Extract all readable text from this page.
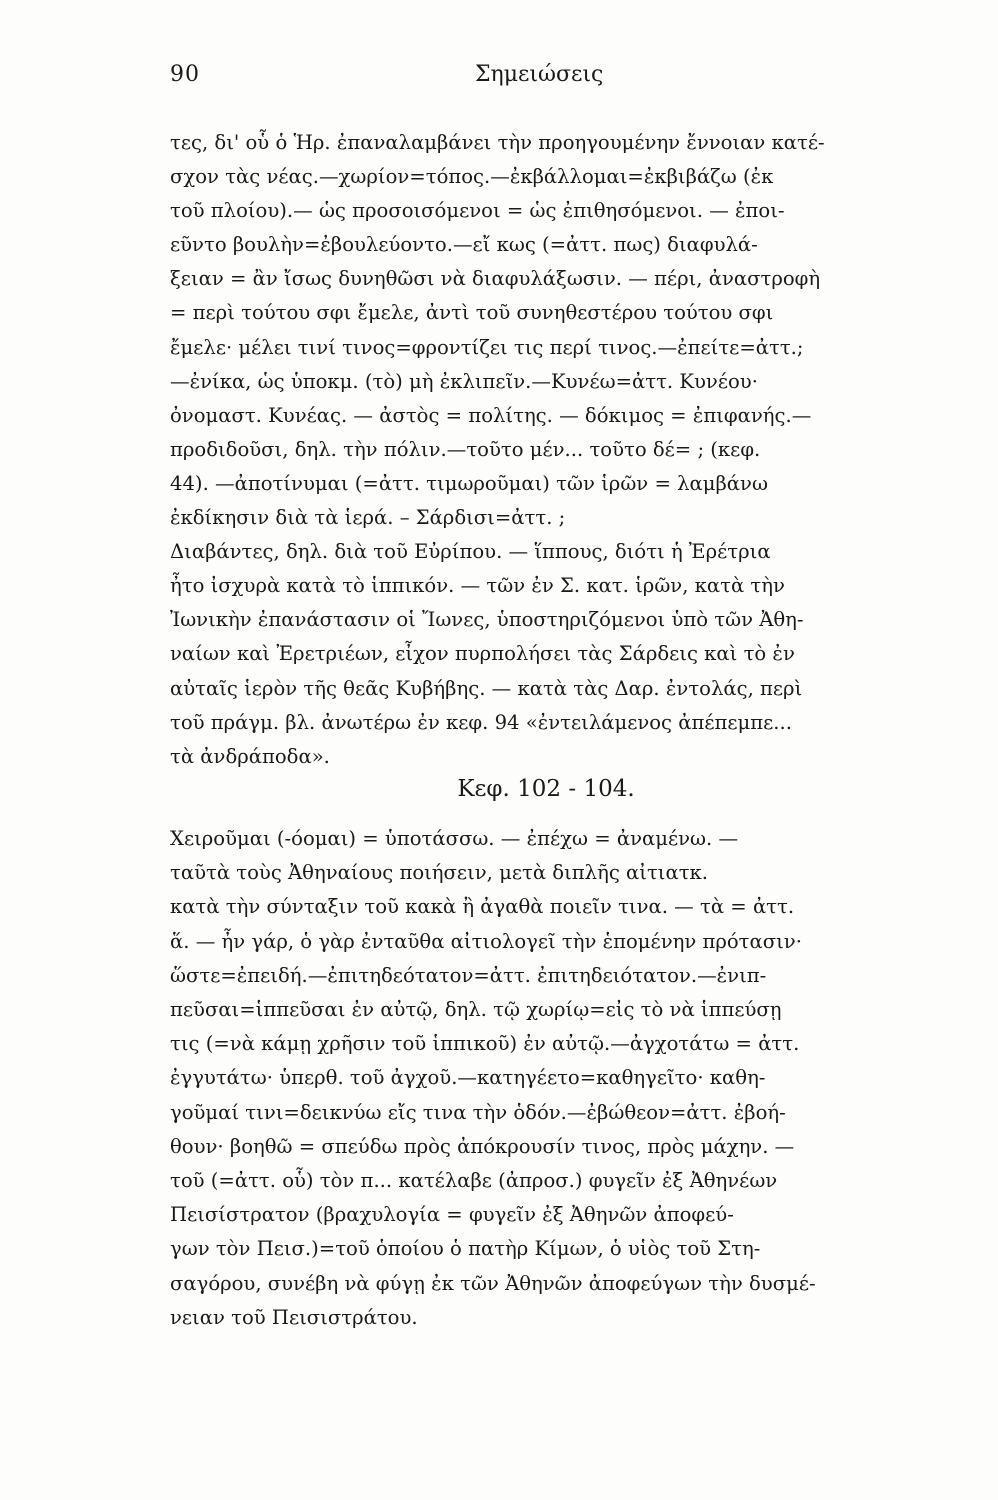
90	Σημειώσεις
τες, δι' οὗ ὁ Ἡρ. ἐπαναλαμβάνει τὴν προηγουμένην ἔννοιαν κατέ-
σχον τὰς νέας.—χωρίον=τόπος.—ἐκβάλλομαι=ἐκβιβάζω (ἐκ
τοῦ πλοίου).— ὡς προσοισόμενοι = ὡς ἐπιθησόμενοι. — ἐποι-
εῦντο βουλὴν=ἐβουλεύοντο.—εἴ κως (=ἀττ. πως) διαφυλά-
ξειαν = ἂν ἴσως δυνηθῶσι νὰ διαφυλάξωσιν. — πέρι, ἀναστροφὴ
= περὶ τούτου σφι ἔμελε, ἀντὶ τοῦ συνηθεστέρου τούτου σφι
ἔμελε· μέλει τινί τινος=φροντίζει τις περί τινος.—ἐπείτε=ἀττ.;
—ἐνίκα, ὡς ὑποκμ. (τὸ) μὴ ἐκλιπεῖν.—Κυνέω=ἀττ. Κυνέου·
ὀνομαστ. Κυνέας. — ἀστὸς = πολίτης. — δόκιμος = ἐπιφανής.—
προδιδοῦσι, δηλ. τὴν πόλιν.—τοῦτο μέν... τοῦτο δέ= ; (κεφ.
44). —ἀποτίνυμαι (=ἀττ. τιμωροῦμαι) τῶν ἱρῶν = λαμβάνω
ἐκδίκησιν διὰ τὰ ἱερά. – Σάρδισι=ἀττ. ;
Διαβάντες, δηλ. διὰ τοῦ Εὐρίπου. — ἵππους, διότι ἡ Ἐρέτρια
ἦτο ἰσχυρὰ κατὰ τὸ ἱππικόν. — τῶν ἐν Σ. κατ. ἱρῶν, κατὰ τὴν
Ἰωνικὴν ἐπανάστασιν οἱ Ἴωνες, ὑποστηριζόμενοι ὑπὸ τῶν Ἀθη-
ναίων καὶ Ἐρετριέων, εἶχον πυρπολήσει τὰς Σάρδεις καὶ τὸ ἐν
αὐταῖς ἱερὸν τῆς θεᾶς Κυβήβης. — κατὰ τὰς Δαρ. ἐντολάς, περὶ
τοῦ πράγμ. βλ. ἀνωτέρω ἐν κεφ. 94 «ἐντειλάμενος ἀπέπεμπε...
τὰ ἀνδράποδα».
Κεφ. 102 - 104.
Χειροῦμαι (-όομαι) = ὑποτάσσω. — ἐπέχω = ἀναμένω. —
ταῦτὰ τοὺς Ἀθηναίους ποιήσειν, μετὰ διπλῆς αἰτιατκ.
κατὰ τὴν σύνταξιν τοῦ κακὰ ἢ ἀγαθὰ ποιεῖν τινα. — τὰ = ἀττ.
ἅ. — ἦν γάρ, ὁ γὰρ ἐνταῦθα αἰτιολογεῖ τὴν ἑπομένην πρότασιν·
ὥστε=ἐπειδή.—ἐπιτηδεότατον=ἀττ. ἐπιτηδειότατον.—ἐνιπ-
πεῦσαι=ἱππεῦσαι ἐν αὐτῷ, δηλ. τῷ χωρίῳ=εἰς τὸ νὰ ἱππεύσῃ
τις (=νὰ κάμῃ χρῆσιν τοῦ ἱππικοῦ) ἐν αὐτῷ.—ἀγχοτάτω = ἀττ.
ἐγγυτάτω· ὑπερθ. τοῦ ἀγχοῦ.—κατηγέετο=καθηγεῖτο· καθη-
γοῦμαί τινι=δεικνύω εἴς τινα τὴν ὁδόν.—ἐβώθεον=ἀττ. ἐβοή-
θουν· βοηθῶ = σπεύδω πρὸς ἀπόκρουσίν τινος, πρὸς μάχην. —
τοῦ (=ἀττ. οὗ) τὸν π... κατέλαβε (ἀπροσ.) φυγεῖν ἐξ Ἀθηνέων
Πεισίστρατον (βραχυλογία = φυγεῖν ἐξ Ἀθηνῶν ἀποφεύ-
γων τὸν Πεισ.)=τοῦ ὁποίου ὁ πατὴρ Κίμων, ὁ υἱὸς τοῦ Στη-
σαγόρου, συνέβη νὰ φύγῃ ἐκ τῶν Ἀθηνῶν ἀποφεύγων τὴν δυσμέ-
νειαν τοῦ Πεισιστράτου.
